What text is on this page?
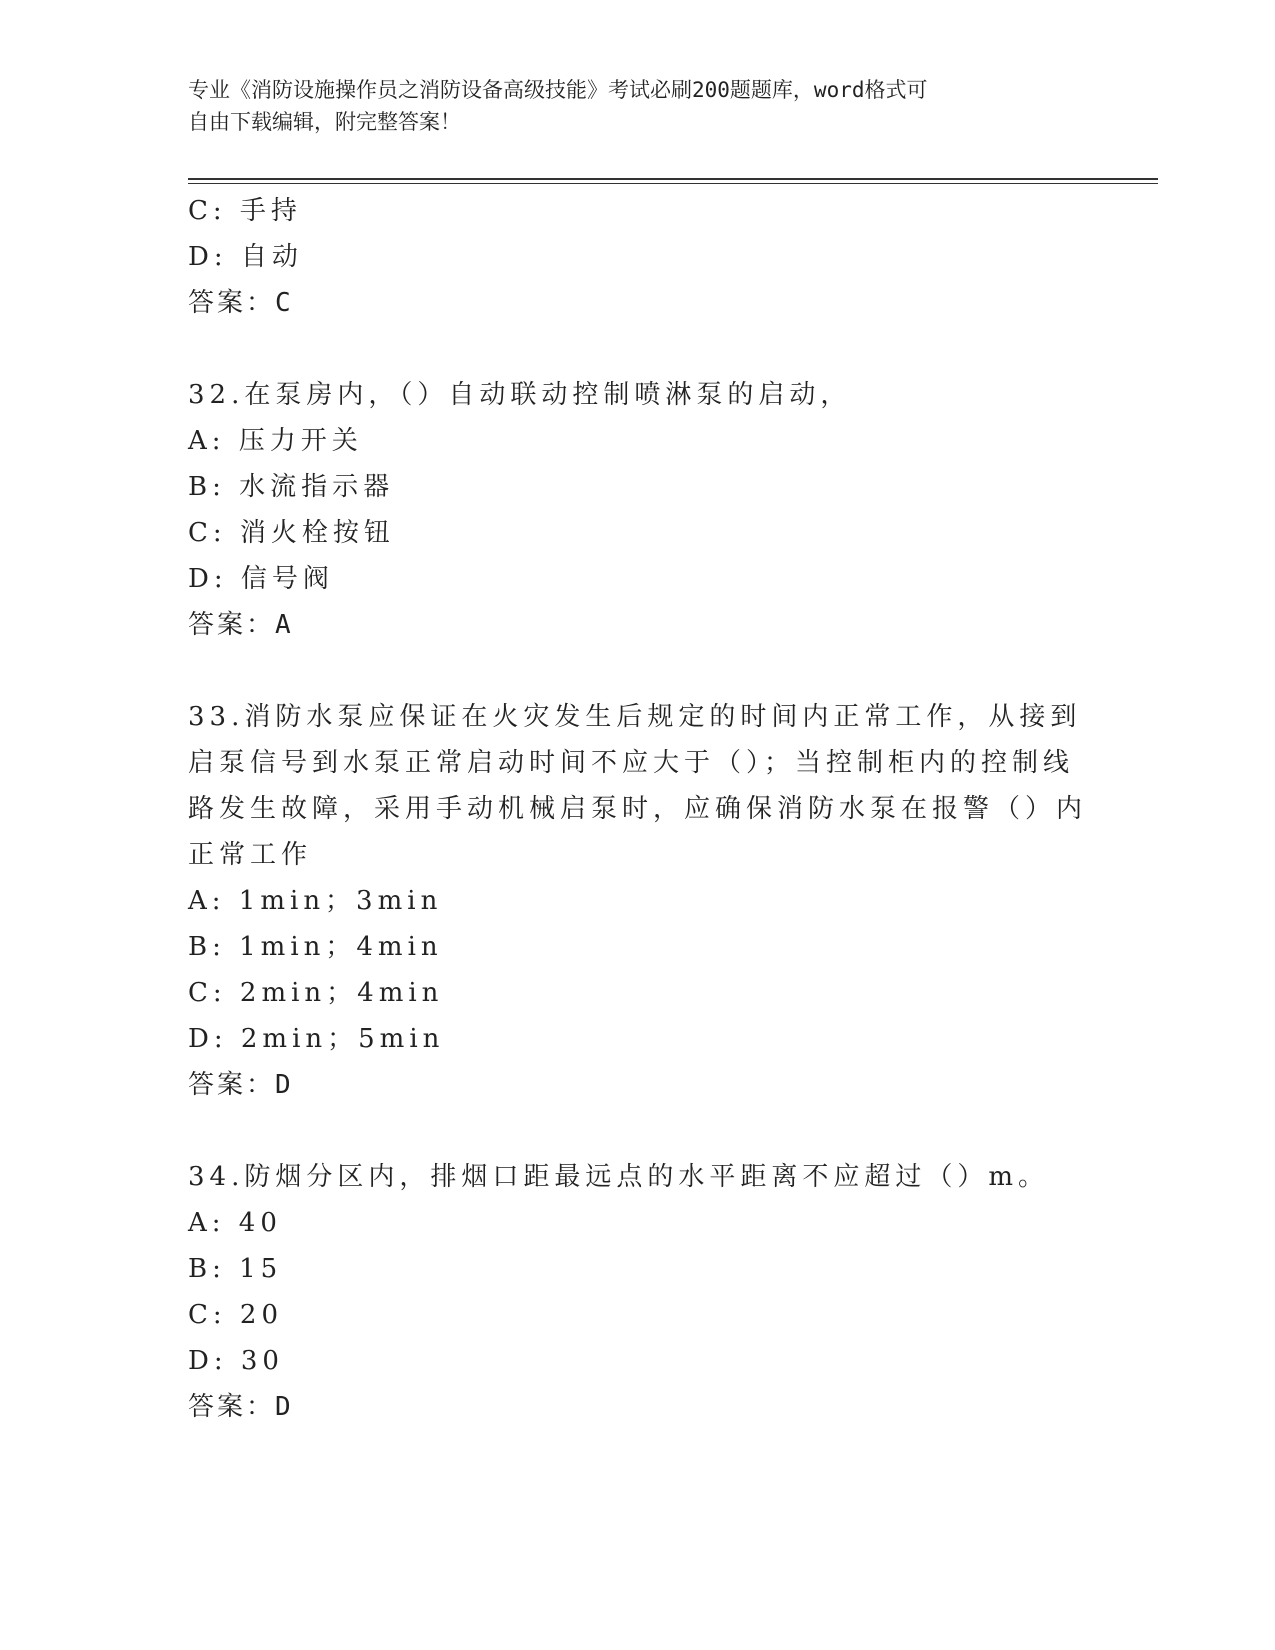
专业《消防设施操作员之消防设备高级技能》考试必刷200题题库，word格式可
自由下载编辑，附完整答案！
C: 手持
D: 自动
答案：C
32.在泵房内，（）自动联动控制喷淋泵的启动，
A: 压力开关
B: 水流指示器
C: 消火栓按钮
D: 信号阀
答案：A
33.消防水泵应保证在火灾发生后规定的时间内正常工作，从接到启泵信号到水泵正常启动时间不应大于（）；当控制柜内的控制线路发生故障，采用手动机械启泵时，应确保消防水泵在报警（）内正常工作
A: 1min；3min
B: 1min；4min
C: 2min；4min
D: 2min；5min
答案：D
34.防烟分区内，排烟口距最远点的水平距离不应超过（）m。
A: 40
B: 15
C: 20
D: 30
答案：D
